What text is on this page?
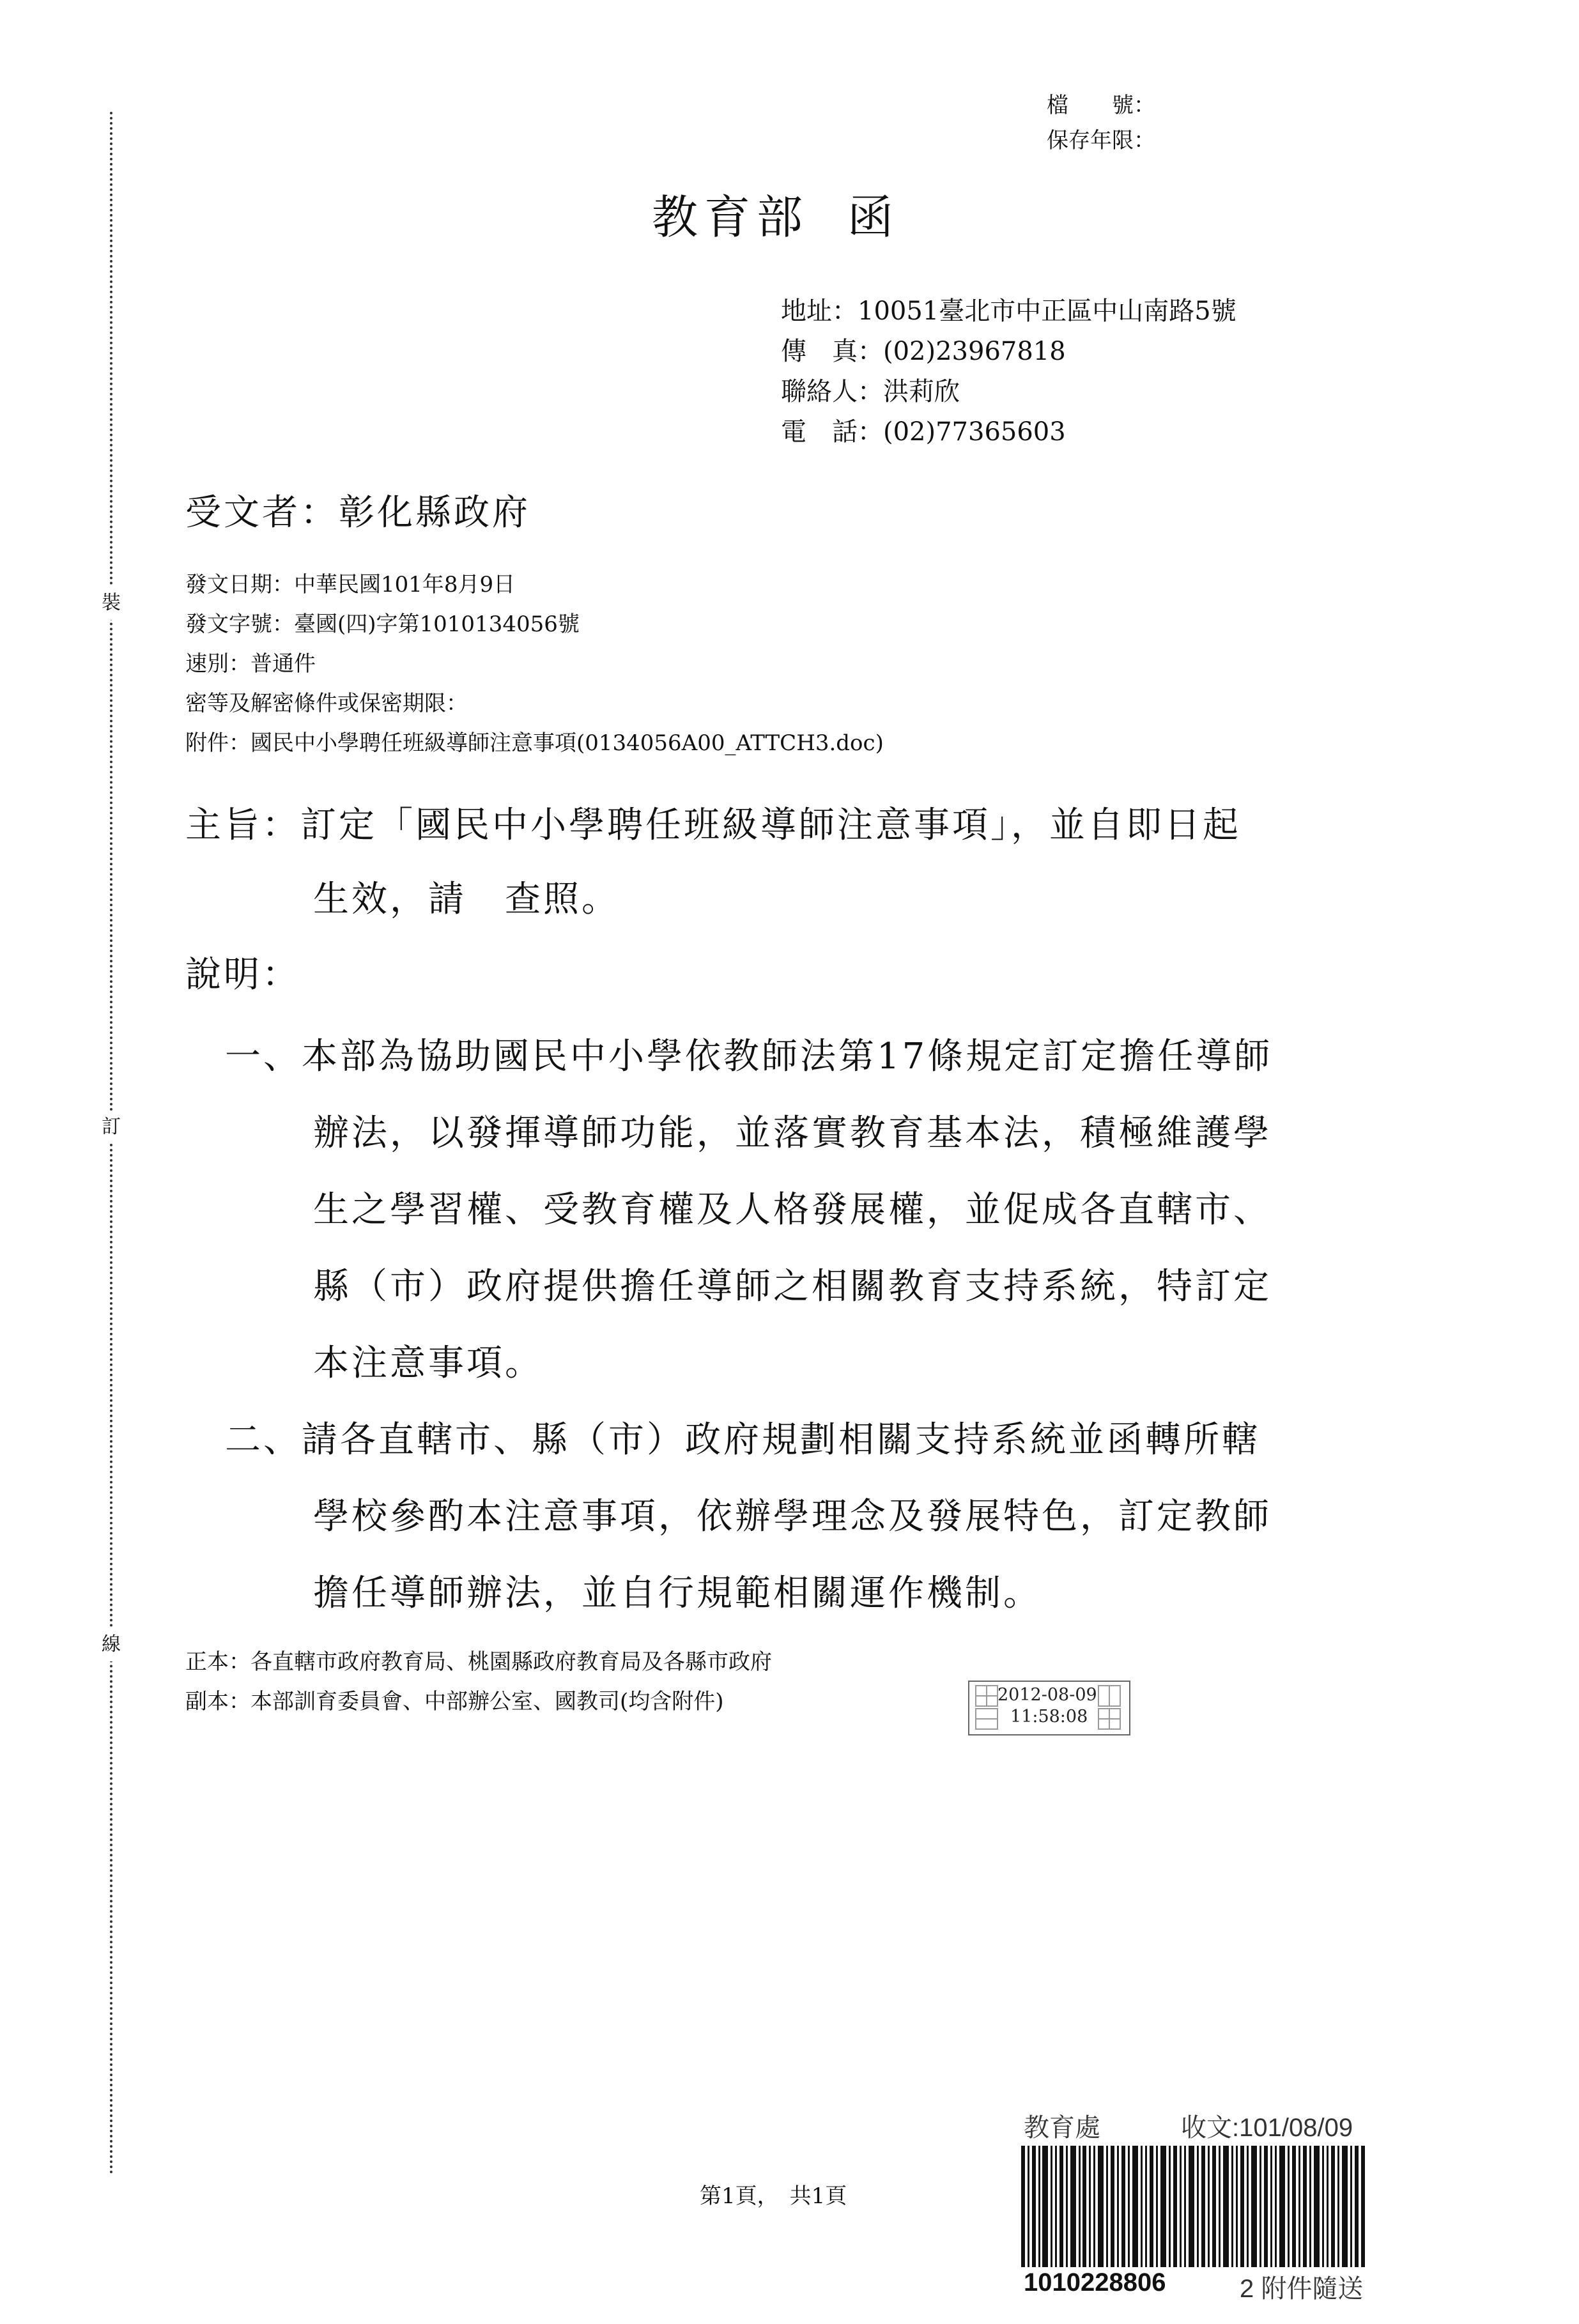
裝
訂
線
檔　　號：
保存年限：
教育部 函
地址：10051臺北市中正區中山南路5號
傳　真：(02)23967818
聯絡人：洪莉欣
電　話：(02)77365603
受文者：彰化縣政府
發文日期：中華民國101年8月9日
發文字號：臺國(四)字第1010134056號
速別：普通件
密等及解密條件或保密期限：
附件：國民中小學聘任班級導師注意事項(0134056A00_ATTCH3.doc)
主旨：訂定「國民中小學聘任班級導師注意事項」，並自即日起
生效，請　查照。
說明：
一、本部為協助國民中小學依教師法第17條規定訂定擔任導師
辦法，以發揮導師功能，並落實教育基本法，積極維護學
生之學習權、受教育權及人格發展權，並促成各直轄市、
縣（市）政府提供擔任導師之相關教育支持系統，特訂定
本注意事項。
二、請各直轄市、縣（市）政府規劃相關支持系統並函轉所轄
學校參酌本注意事項，依辦學理念及發展特色，訂定教師
擔任導師辦法，並自行規範相關運作機制。
正本：各直轄市政府教育局、桃園縣政府教育局及各縣市政府
副本：本部訓育委員會、中部辦公室、國教司(均含附件)	2012-08-09
11:58:08
教育處	收文:101/08/09
1010228806	2 附件隨送
第1頁，　共1頁
